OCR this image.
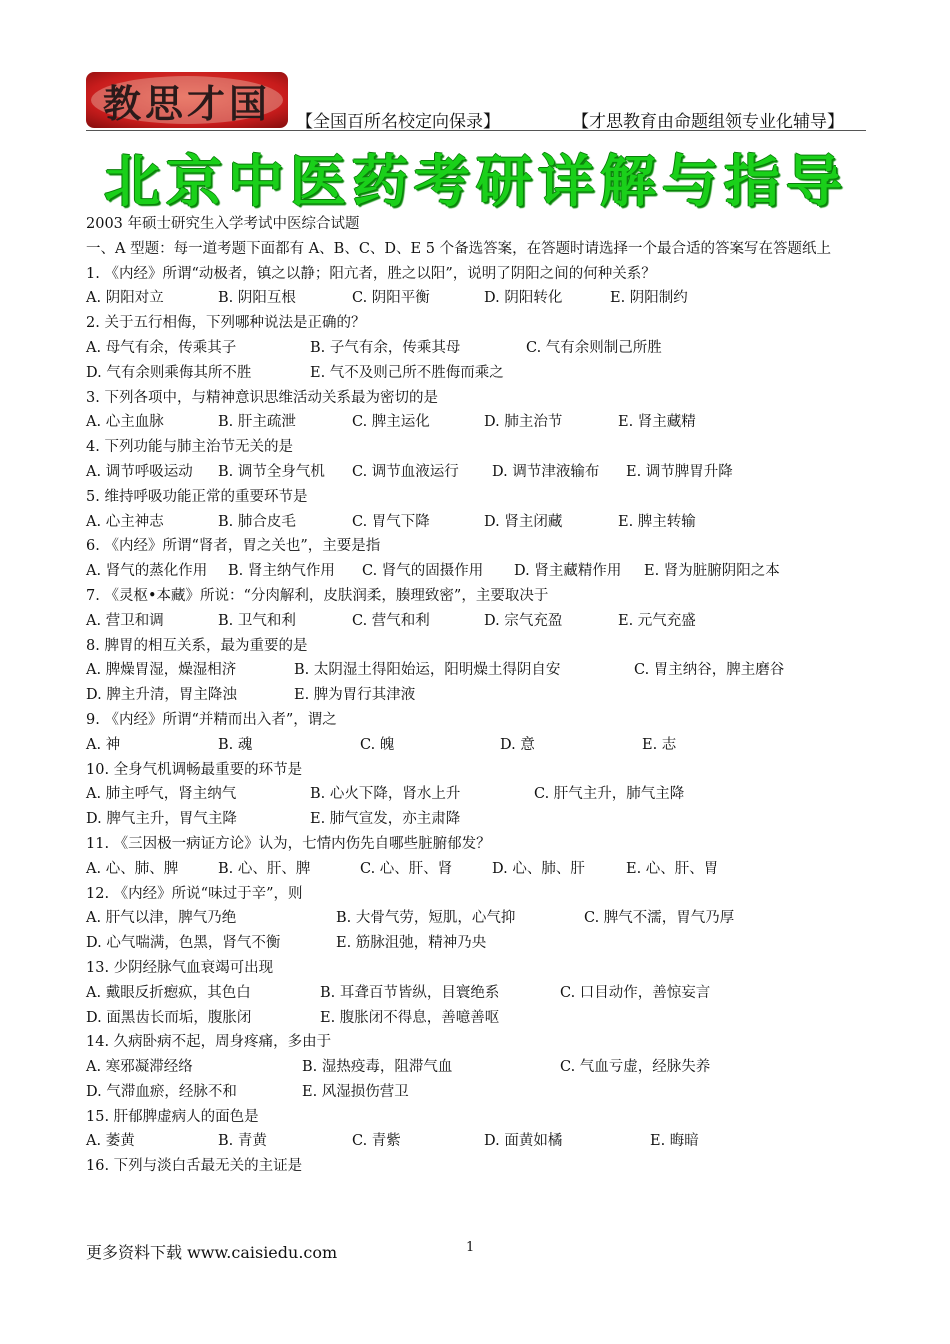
教思才国	【全国百所名校定向保录】	【才思教育由命题组领专业化辅导】
北京中医药考研详解与指导
2003 年硕士研究生入学考试中医综合试题
一、A 型题：每一道考题下面都有 A、B、C、D、E 5 个备选答案，在答题时请选择一个最合适的答案写在答题纸上
1. 《内经》所谓“动极者，镇之以静；阳亢者，胜之以阳”，说明了阴阳之间的何种关系？
A. 阴阳对立	B. 阴阳互根	C. 阴阳平衡	D. 阴阳转化	E. 阴阳制约
2. 关于五行相侮，下列哪种说法是正确的？
A. 母气有余，传乘其子	B. 子气有余，传乘其母	C. 气有余则制己所胜
D. 气有余则乘侮其所不胜	E. 气不及则己所不胜侮而乘之
3. 下列各项中，与精神意识思维活动关系最为密切的是
A. 心主血脉	B. 肝主疏泄	C. 脾主运化	D. 肺主治节	E. 肾主藏精
4. 下列功能与肺主治节无关的是
A. 调节呼吸运动 B. 调节全身气机 C. 调节血液运行 D. 调节津液输布 E. 调节脾胃升降
5. 维持呼吸功能正常的重要环节是
A. 心主神志	B. 肺合皮毛	C. 胃气下降	D. 肾主闭藏	E. 脾主转输
6. 《内经》所谓“肾者，胃之关也”，主要是指
A. 肾气的蒸化作用 B. 肾主纳气作用 C. 肾气的固摄作用 D. 肾主藏精作用 E. 肾为脏腑阴阳之本
7. 《灵枢•本藏》所说：“分肉解利，皮肤润柔，腠理致密”，主要取决于
A. 营卫和调	B. 卫气和利	C. 营气和利	D. 宗气充盈	E. 元气充盛
8. 脾胃的相互关系，最为重要的是
A. 脾燥胃湿，燥湿相济	B. 太阴湿土得阳始运，阳明燥土得阴自安	C. 胃主纳谷，脾主磨谷
D. 脾主升清，胃主降浊	E. 脾为胃行其津液
9. 《内经》所谓“并精而出入者”，谓之
A. 神	B. 魂	C. 魄	D. 意	E. 志
10. 全身气机调畅最重要的环节是
A. 肺主呼气，肾主纳气	B. 心火下降，肾水上升	C. 肝气主升，肺气主降
D. 脾气主升，胃气主降	E. 肺气宣发，亦主肃降
11. 《三因极一病证方论》认为，七情内伤先自哪些脏腑郁发？
A. 心、肺、脾	B. 心、肝、脾	C. 心、肝、肾	D. 心、肺、肝	E. 心、肝、胃
12. 《内经》所说“味过于辛”，则
A. 肝气以津，脾气乃绝	B. 大骨气劳，短肌，心气抑	C. 脾气不濡，胃气乃厚
D. 心气喘满，色黑，肾气不衡	E. 筋脉沮弛，精神乃央
13. 少阴经脉气血衰竭可出现
A. 戴眼反折瘛疭，其色白	B. 耳聋百节皆纵，目寰绝系	C. 口目动作，善惊妄言
D. 面黑齿长而垢，腹胀闭	E. 腹胀闭不得息，善噫善呕
14. 久病卧病不起，周身疼痛，多由于
A. 寒邪凝滞经络	B. 湿热疫毒，阻滞气血	C. 气血亏虚，经脉失养
D. 气滞血瘀，经脉不和	E. 风湿损伤营卫
15. 肝郁脾虚病人的面色是
A. 萎黄	B. 青黄	C. 青紫	D. 面黄如橘	E. 晦暗
16. 下列与淡白舌最无关的主证是
更多资料下载 www.caisiedu.com	1
